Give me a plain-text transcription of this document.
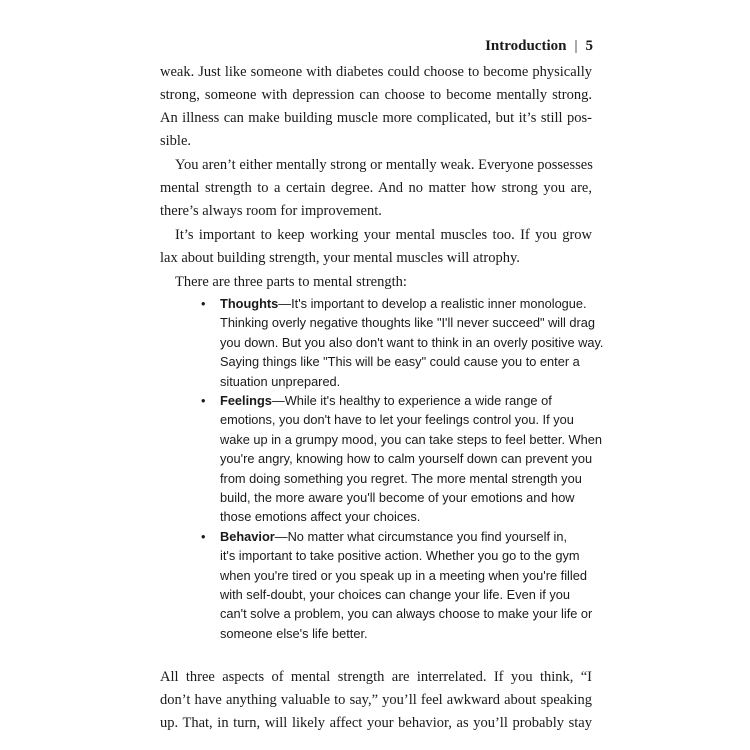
Introduction | 5
weak. Just like someone with diabetes could choose to become physically
strong, someone with depression can choose to become mentally strong.
An illness can make building muscle more complicated, but it’s still pos-
sible.
You aren’t either mentally strong or mentally weak. Everyone possesses
mental strength to a certain degree. And no matter how strong you are,
there’s always room for improvement.
It’s important to keep working your mental muscles too. If you grow
lax about building strength, your mental muscles will atrophy.
There are three parts to mental strength:
• Thoughts—It's important to develop a realistic inner monologue.
Thinking overly negative thoughts like "I'll never succeed" will drag
you down. But you also don't want to think in an overly positive way.
Saying things like "This will be easy" could cause you to enter a
situation unprepared.
• Feelings—While it's healthy to experience a wide range of
emotions, you don't have to let your feelings control you. If you
wake up in a grumpy mood, you can take steps to feel better. When
you're angry, knowing how to calm yourself down can prevent you
from doing something you regret. The more mental strength you
build, the more aware you'll become of your emotions and how
those emotions affect your choices.
• Behavior—No matter what circumstance you find yourself in,
it's important to take positive action. Whether you go to the gym
when you're tired or you speak up in a meeting when you're filled
with self-doubt, your choices can change your life. Even if you
can't solve a problem, you can always choose to make your life or
someone else's life better.
All three aspects of mental strength are interrelated. If you think, “I
don’t have anything valuable to say,” you’ll feel awkward about speaking
up. That, in turn, will likely affect your behavior, as you’ll probably stay
